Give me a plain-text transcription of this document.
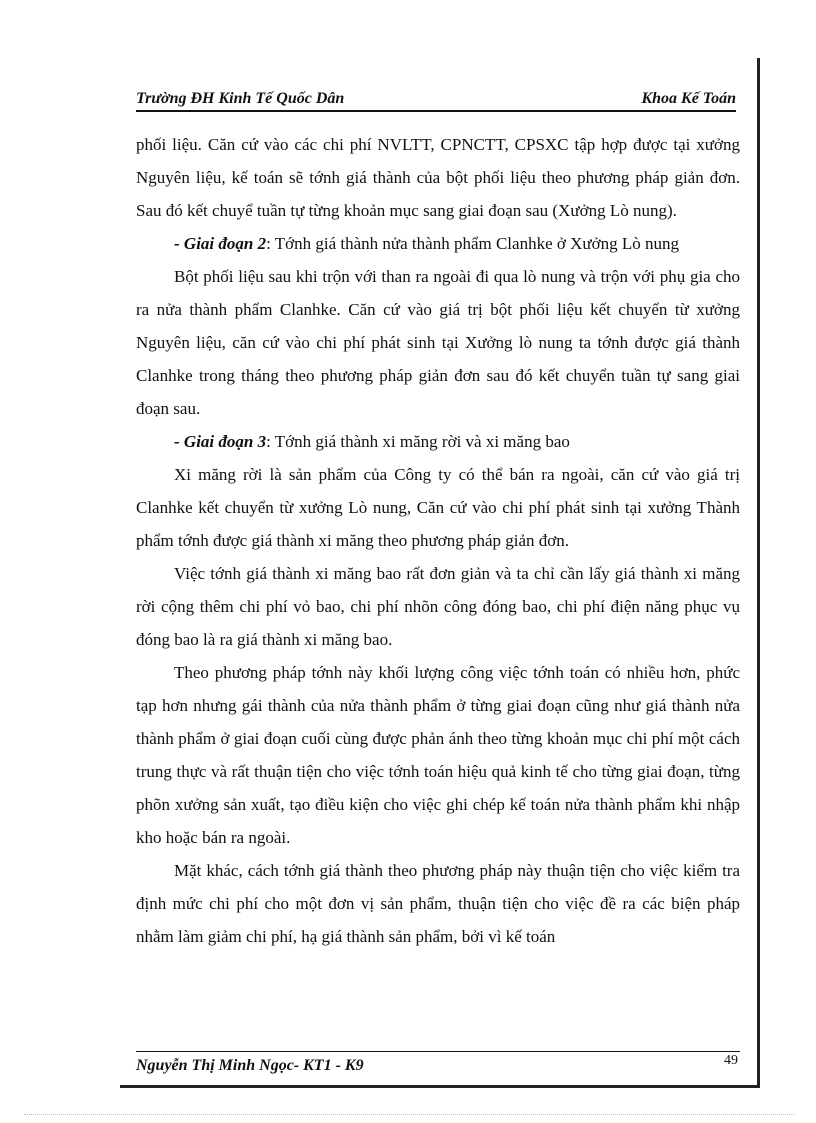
Trường ĐH Kinh Tế Quốc Dân	Khoa Kế Toán

phối liệu. Căn cứ vào các chi phí NVLTT, CPNCTT, CPSXC tập hợp được tại xưởng Nguyên liệu, kế toán sẽ tớnh giá thành của bột phối liệu theo phương pháp giản đơn. Sau đó kết chuyể tuần tự từng khoản mục sang giai đoạn sau (Xưởng Lò nung).

- Giai đoạn 2: Tớnh giá thành nửa thành phẩm Clanhke ở Xưởng Lò nung

Bột phối liệu sau khi trộn với than ra ngoài đi qua lò nung và trộn với phụ gia cho ra nửa thành phẩm Clanhke. Căn cứ vào giá trị bột phối liệu kết chuyển từ xưởng Nguyên liệu, căn cứ vào chi phí phát sinh tại Xưởng lò nung ta tớnh được giá thành Clanhke trong tháng theo phương pháp giản đơn sau đó kết chuyển tuần tự sang giai đoạn sau.

- Giai đoạn 3: Tớnh giá thành xi măng rời và xi măng bao

Xi măng rời là sản phẩm của Công ty có thể bán ra ngoài, căn cứ vào giá trị Clanhke kết chuyển từ xưởng Lò nung, Căn cứ vào chi phí phát sinh tại xưởng Thành phẩm tớnh được giá thành xi măng theo phương pháp giản đơn.

Việc tớnh giá thành xi măng bao rất đơn giản và ta chỉ cần lấy giá thành xi măng rời cộng thêm chi phí vỏ bao, chi phí nhõn công đóng bao, chi phí điện năng phục vụ đóng bao là ra giá thành xi măng bao.

Theo phương pháp tớnh này khối lượng công việc tớnh toán có nhiều hơn, phức tạp hơn nhưng gái thành của nửa thành phẩm ở từng giai đoạn cũng như giá thành nửa thành phẩm ở giai đoạn cuối cùng được phản ánh theo từng khoản mục chi phí một cách trung thực và rất thuận tiện cho việc tớnh toán hiệu quả kinh tế cho từng giai đoạn, từng phõn xưởng sản xuất, tạo điều kiện cho việc ghi chép kế toán nửa thành phẩm khi nhập kho hoặc bán ra ngoài.

Mặt khác, cách tớnh giá thành theo phương pháp này thuận tiện cho việc kiểm tra định mức chi phí cho một đơn vị sản phẩm, thuận tiện cho việc đề ra các biện pháp nhằm làm giảm chi phí, hạ giá thành sản phẩm, bởi vì kế toán

Nguyễn Thị Minh Ngọc- KT1 - K9	49
